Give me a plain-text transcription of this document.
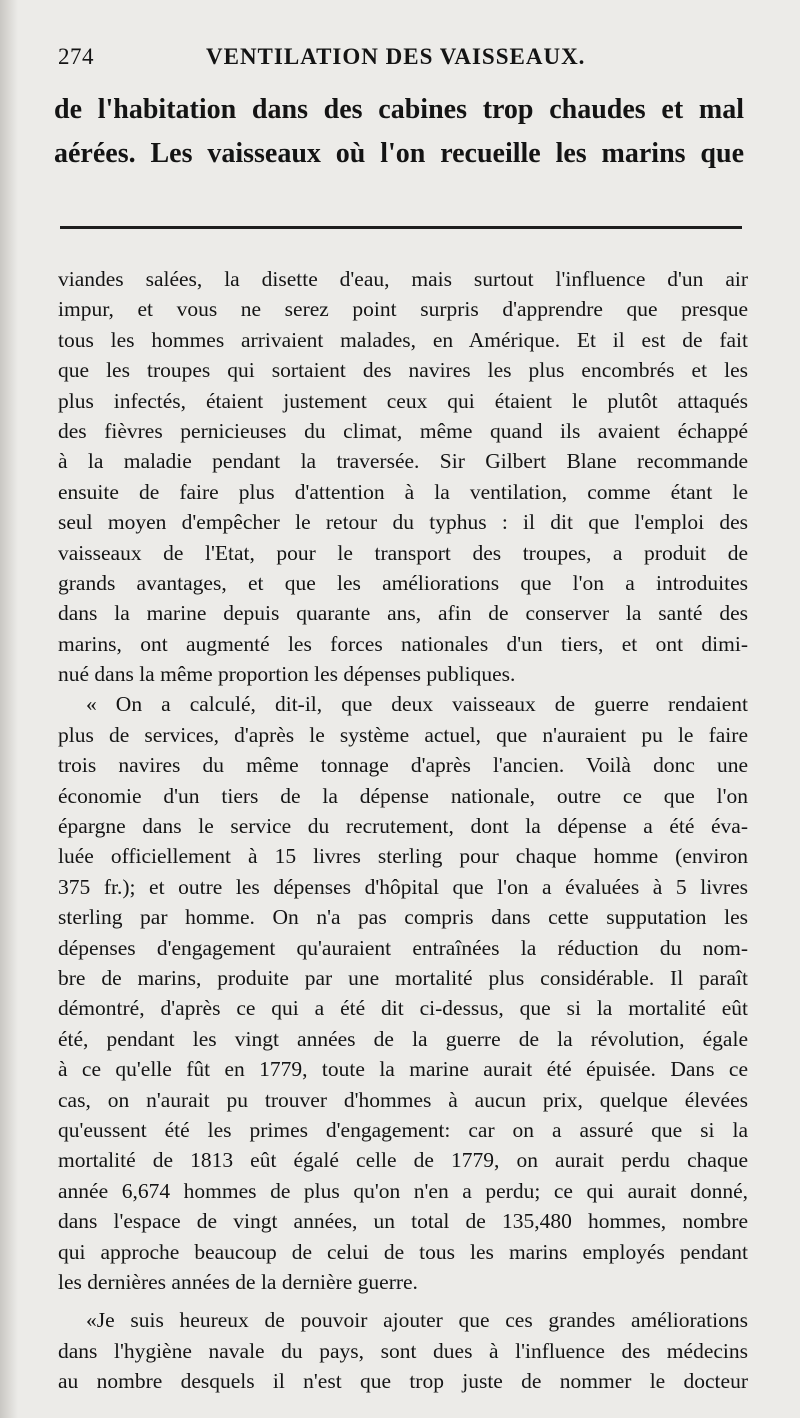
274	VENTILATION DES VAISSEAUX.
de l'habitation dans des cabines trop chaudes et mal
aérées. Les vaisseaux où l'on recueille les marins que
viandes salées, la disette d'eau, mais surtout l'influence d'un air
impur, et vous ne serez point surpris d'apprendre que presque
tous les hommes arrivaient malades, en Amérique. Et il est de fait
que les troupes qui sortaient des navires les plus encombrés et les
plus infectés, étaient justement ceux qui étaient le plutôt attaqués
des fièvres pernicieuses du climat, même quand ils avaient échappé
à la maladie pendant la traversée. Sir Gilbert Blane recommande
ensuite de faire plus d'attention à la ventilation, comme étant le
seul moyen d'empêcher le retour du typhus : il dit que l'emploi des
vaisseaux de l'Etat, pour le transport des troupes, a produit de
grands avantages, et que les améliorations que l'on a introduites
dans la marine depuis quarante ans, afin de conserver la santé des
marins, ont augmenté les forces nationales d'un tiers, et ont dimi-
nué dans la même proportion les dépenses publiques.
« On a calculé, dit-il, que deux vaisseaux de guerre rendaient
plus de services, d'après le système actuel, que n'auraient pu le faire
trois navires du même tonnage d'après l'ancien. Voilà donc une
économie d'un tiers de la dépense nationale, outre ce que l'on
épargne dans le service du recrutement, dont la dépense a été éva-
luée officiellement à 15 livres sterling pour chaque homme (environ
375 fr.); et outre les dépenses d'hôpital que l'on a évaluées à 5 livres
sterling par homme. On n'a pas compris dans cette supputation les
dépenses d'engagement qu'auraient entraînées la réduction du nom-
bre de marins, produite par une mortalité plus considérable. Il paraît
démontré, d'après ce qui a été dit ci-dessus, que si la mortalité eût
été, pendant les vingt années de la guerre de la révolution, égale
à ce qu'elle fût en 1779, toute la marine aurait été épuisée. Dans ce
cas, on n'aurait pu trouver d'hommes à aucun prix, quelque élevées
qu'eussent été les primes d'engagement: car on a assuré que si la
mortalité de 1813 eût égalé celle de 1779, on aurait perdu chaque
année 6,674 hommes de plus qu'on n'en a perdu; ce qui aurait donné,
dans l'espace de vingt années, un total de 135,480 hommes, nombre
qui approche beaucoup de celui de tous les marins employés pendant
les dernières années de la dernière guerre.
«Je suis heureux de pouvoir ajouter que ces grandes améliorations
dans l'hygiène navale du pays, sont dues à l'influence des médecins
au nombre desquels il n'est que trop juste de nommer le docteur
